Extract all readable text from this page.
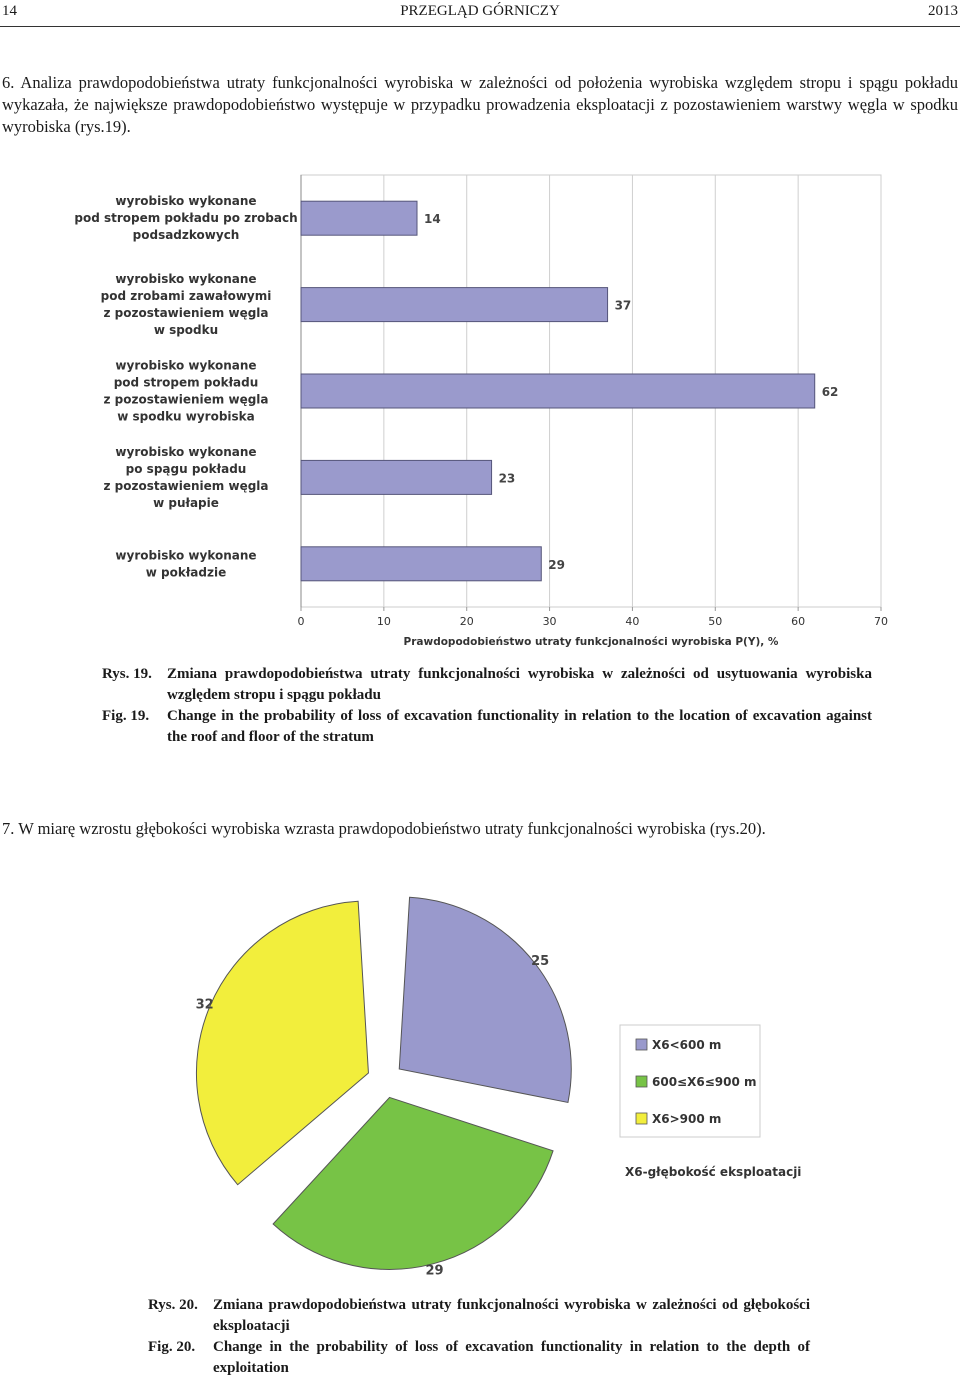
14	PRZEGLĄD GÓRNICZY	2013
6. Analiza prawdopodobieństwa utraty funkcjonalności wyrobiska w zależności od położenia wyrobiska względem stropu i spągu pokładu wykazała, że największe prawdopodobieństwo występuje w przypadku prowadzenia eksploatacji z pozostawieniem warstwy węgla w spodku wyrobiska (rys.19).
0	10	20	30	40	50	60	70
Prawdopodobieństwo utraty funkcjonalności wyrobiska P(Y), %
14
wyrobisko wykonane
pod stropem pokładu po zrobach
podsadzkowych
37
wyrobisko wykonane
pod zrobami zawałowymi
z pozostawieniem węgla
w spodku
62
wyrobisko wykonane
pod stropem pokładu
z pozostawieniem węgla
w spodku wyrobiska
23
wyrobisko wykonane
po spągu pokładu
z pozostawieniem węgla
w pułapie
29
wyrobisko wykonane
w pokładzie
Rys. 19.	Zmiana prawdopodobieństwa utraty funkcjonalności wyrobiska w zależności od usytuowania wyrobiska względem stropu i spągu pokładu
Fig. 19.	Change in the probability of loss of excavation functionality in relation to the location of excavation against the roof and floor of the stratum
7. W miarę wzrostu głębokości wyrobiska wzrasta prawdopodobieństwo utraty funkcjonalności wyrobiska (rys.20).
25
29
32
X6<600 m
600≤X6≤900 m
X6>900 m
X6-głębokość eksploatacji
Rys. 20.	Zmiana prawdopodobieństwa utraty funkcjonalności wyrobiska w zależności od głębokości eksploatacji
Fig. 20.	Change in the probability of loss of excavation functionality in relation to the depth of exploitation
